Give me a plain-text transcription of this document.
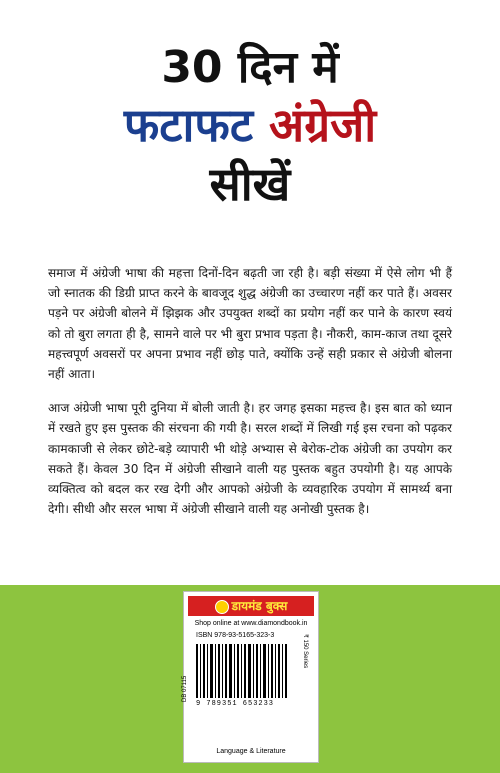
30 दिन में
फटाफट अंग्रेजी
सीखें

समाज में अंग्रेजी भाषा की महत्ता दिनों-दिन बढ़ती जा रही है। बड़ी संख्या में ऐसे लोग भी हैं जो स्नातक की डिग्री प्राप्त करने के बावजूद शुद्ध अंग्रेजी का उच्चारण नहीं कर पाते हैं। अवसर पड़ने पर अंग्रेजी बोलने में झिझक और उपयुक्त शब्दों का प्रयोग नहीं कर पाने के कारण स्वयं को तो बुरा लगता ही है, सामने वाले पर भी बुरा प्रभाव पड़ता है। नौकरी, काम-काज तथा दूसरे महत्त्वपूर्ण अवसरों पर अपना प्रभाव नहीं छोड़ पाते, क्योंकि उन्हें सही प्रकार से अंग्रेजी बोलना नहीं आता।

आज अंग्रेजी भाषा पूरी दुनिया में बोली जाती है। हर जगह इसका महत्त्व है। इस बात को ध्यान में रखते हुए इस पुस्तक की संरचना की गयी है। सरल शब्दों में लिखी गई इस रचना को पढ़कर कामकाजी से लेकर छोटे-बड़े व्यापारी भी थोड़े अभ्यास से बेरोक-टोक अंग्रेजी का उपयोग कर सकते हैं। केवल 30 दिन में अंग्रेजी सीखाने वाली यह पुस्तक बहुत उपयोगी है। यह आपके व्यक्तित्व को बदल कर रख देगी और आपको अंग्रेजी के व्यवहारिक उपयोग में सामर्थ्य बना देगी। सीधी और सरल भाषा में अंग्रेजी सीखाने वाली यह अनोखी पुस्तक है।

डायमंड बुक्स
Shop online at www.diamondbook.in
ISBN 978-93-5165-323-3
9 789351 653233
DB 07115
₹ 150 Series
Language & Literature
